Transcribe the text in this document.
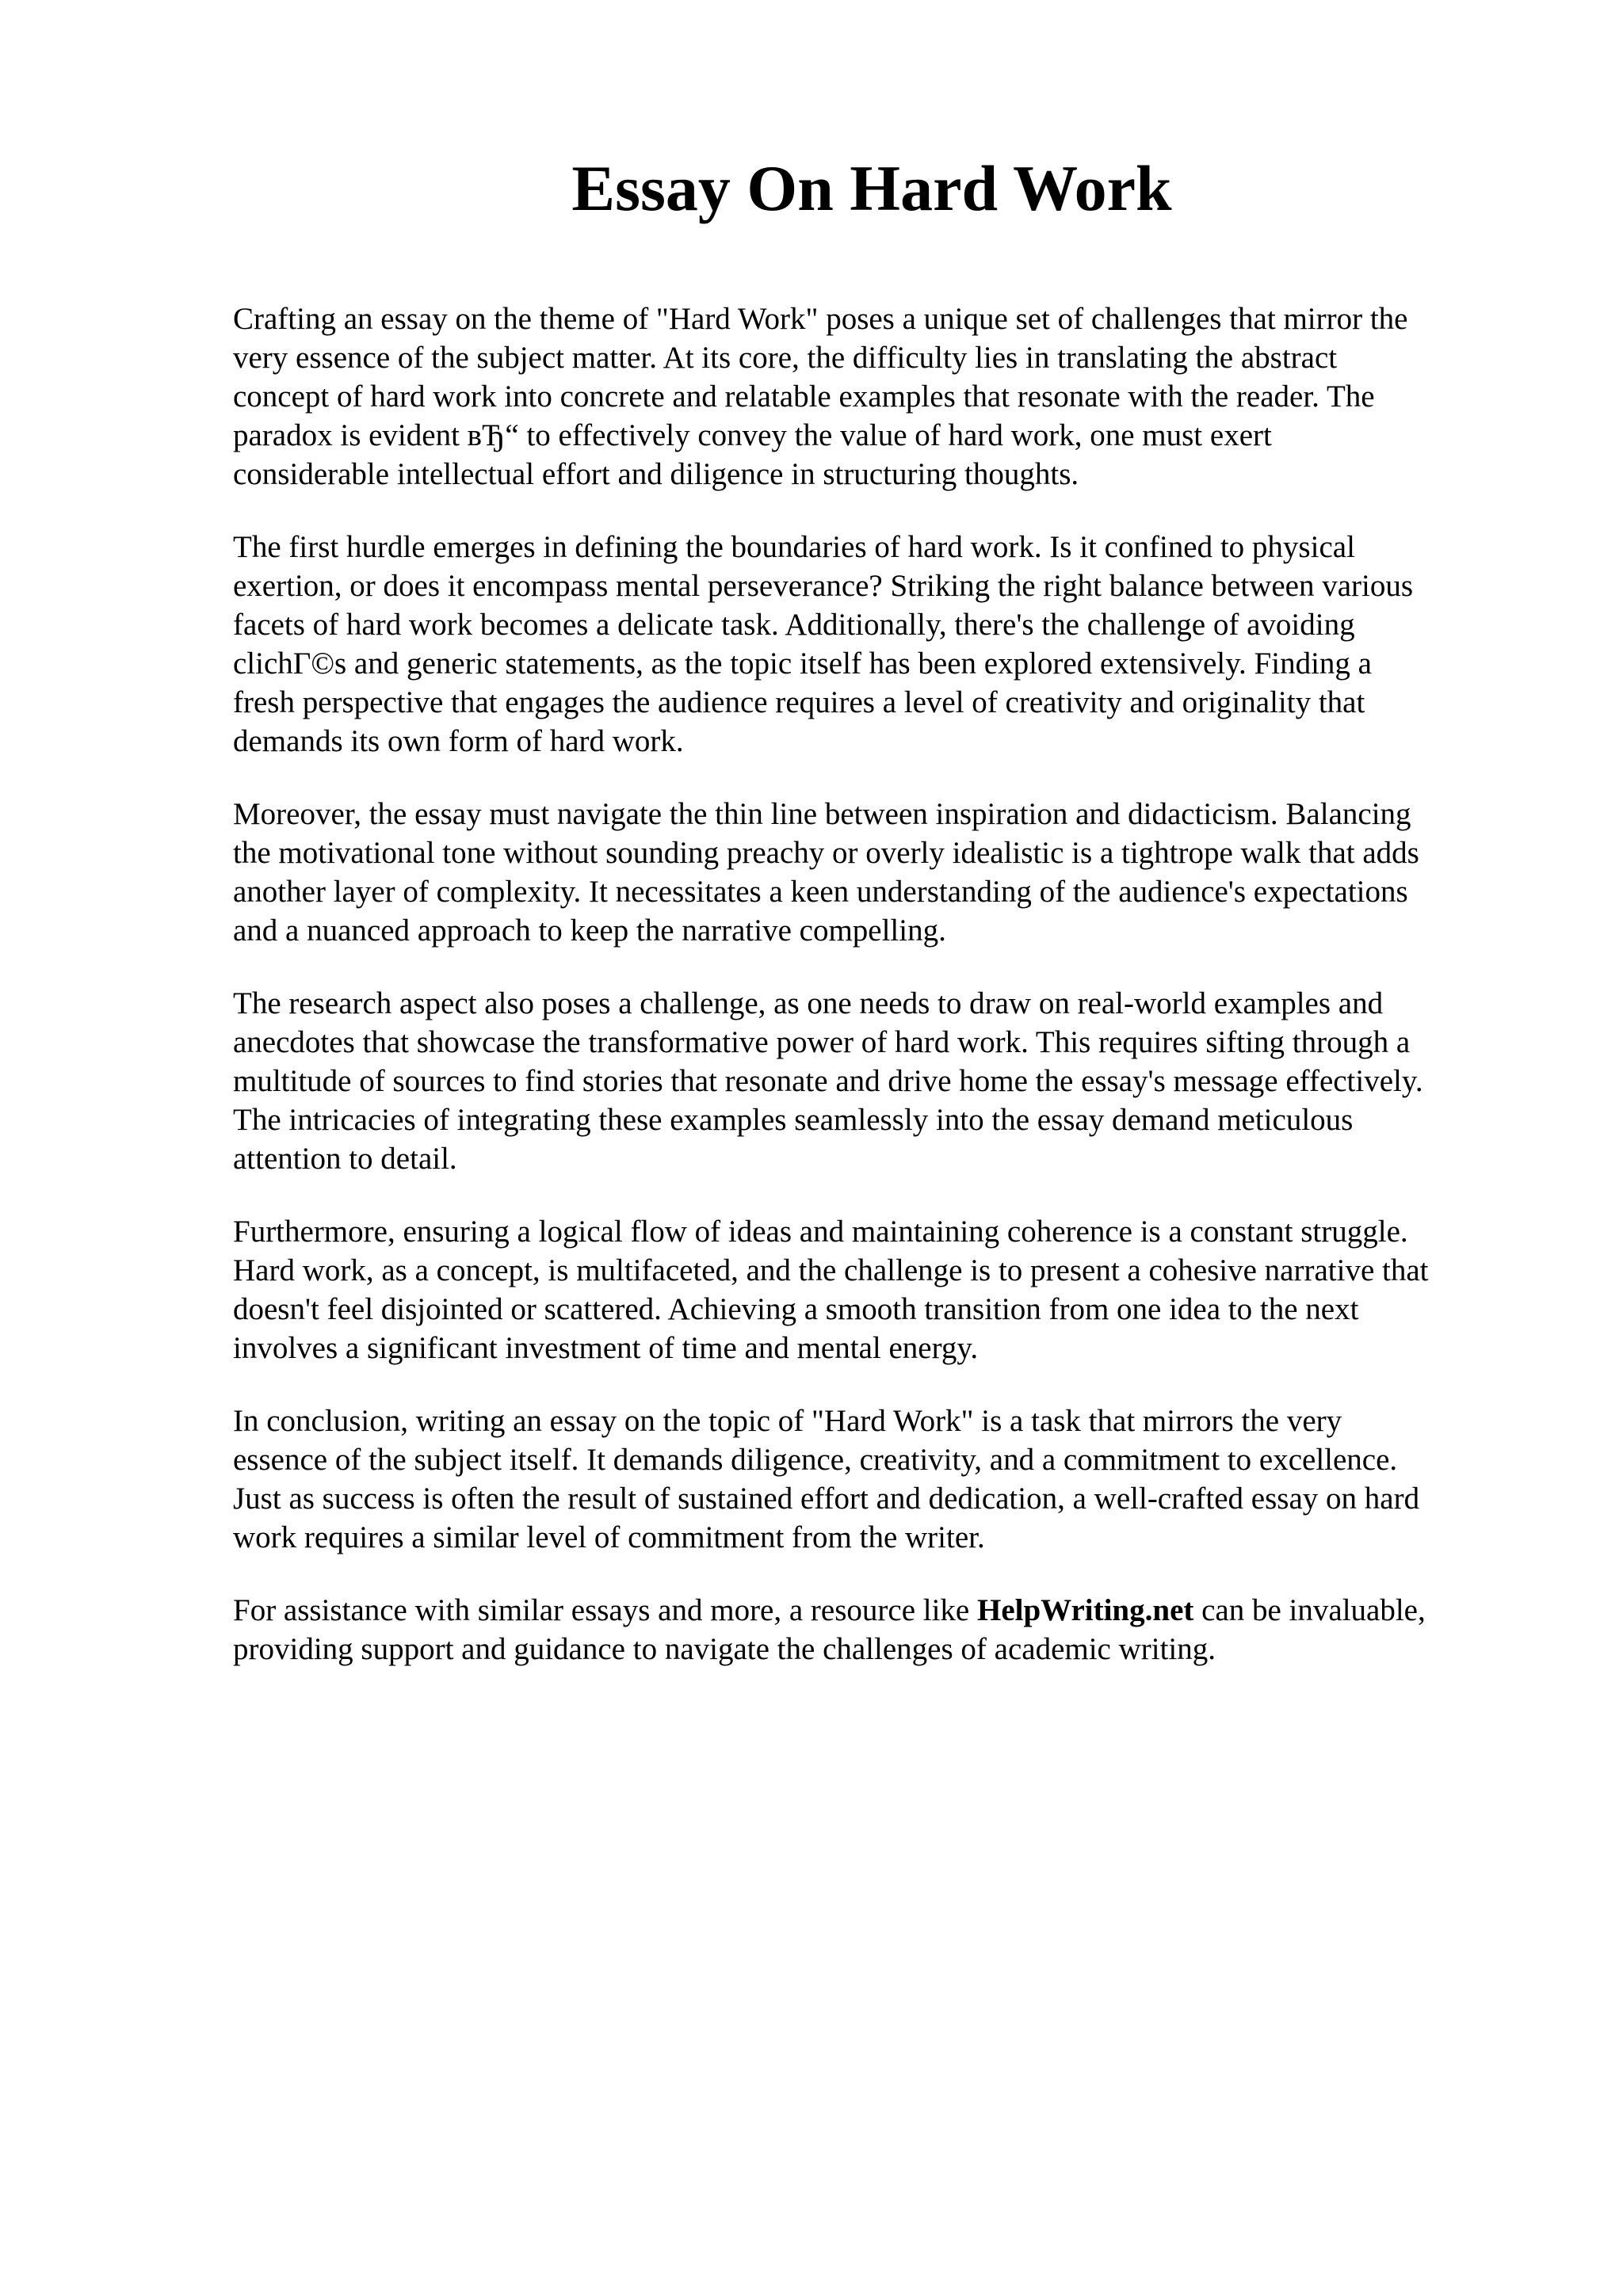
Essay On Hard Work

Crafting an essay on the theme of "Hard Work" poses a unique set of challenges that mirror the
very essence of the subject matter. At its core, the difficulty lies in translating the abstract
concept of hard work into concrete and relatable examples that resonate with the reader. The
paradox is evident вЂ“ to effectively convey the value of hard work, one must exert
considerable intellectual effort and diligence in structuring thoughts.

The first hurdle emerges in defining the boundaries of hard work. Is it confined to physical
exertion, or does it encompass mental perseverance? Striking the right balance between various
facets of hard work becomes a delicate task. Additionally, there's the challenge of avoiding
clichГ©s and generic statements, as the topic itself has been explored extensively. Finding a
fresh perspective that engages the audience requires a level of creativity and originality that
demands its own form of hard work.

Moreover, the essay must navigate the thin line between inspiration and didacticism. Balancing
the motivational tone without sounding preachy or overly idealistic is a tightrope walk that adds
another layer of complexity. It necessitates a keen understanding of the audience's expectations
and a nuanced approach to keep the narrative compelling.

The research aspect also poses a challenge, as one needs to draw on real-world examples and
anecdotes that showcase the transformative power of hard work. This requires sifting through a
multitude of sources to find stories that resonate and drive home the essay's message effectively.
The intricacies of integrating these examples seamlessly into the essay demand meticulous
attention to detail.

Furthermore, ensuring a logical flow of ideas and maintaining coherence is a constant struggle.
Hard work, as a concept, is multifaceted, and the challenge is to present a cohesive narrative that
doesn't feel disjointed or scattered. Achieving a smooth transition from one idea to the next
involves a significant investment of time and mental energy.

In conclusion, writing an essay on the topic of "Hard Work" is a task that mirrors the very
essence of the subject itself. It demands diligence, creativity, and a commitment to excellence.
Just as success is often the result of sustained effort and dedication, a well-crafted essay on hard
work requires a similar level of commitment from the writer.

For assistance with similar essays and more, a resource like HelpWriting.net can be invaluable,
providing support and guidance to navigate the challenges of academic writing.
